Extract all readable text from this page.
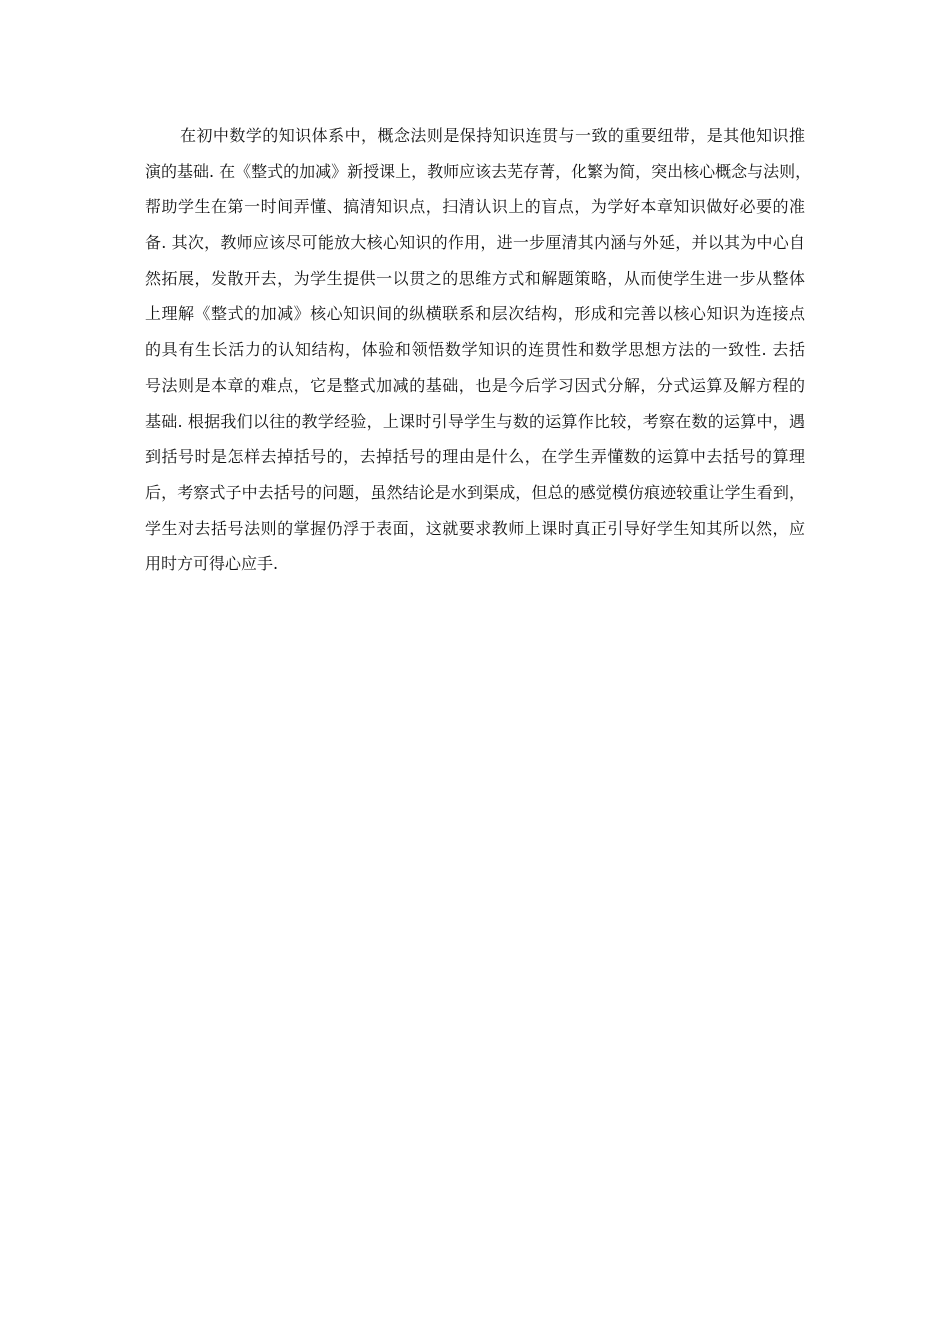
在初中数学的知识体系中，概念法则是保持知识连贯与一致的重要纽带，是其他知识推
演的基础. 在《整式的加减》新授课上，教师应该去芜存菁，化繁为简，突出核心概念与法则，
帮助学生在第一时间弄懂、搞清知识点，扫清认识上的盲点，为学好本章知识做好必要的准
备. 其次，教师应该尽可能放大核心知识的作用，进一步厘清其内涵与外延，并以其为中心自
然拓展，发散开去，为学生提供一以贯之的思维方式和解题策略，从而使学生进一步从整体
上理解《整式的加减》核心知识间的纵横联系和层次结构，形成和完善以核心知识为连接点
的具有生长活力的认知结构，体验和领悟数学知识的连贯性和数学思想方法的一致性. 去括
号法则是本章的难点，它是整式加减的基础，也是今后学习因式分解，分式运算及解方程的
基础. 根据我们以往的教学经验，上课时引导学生与数的运算作比较，考察在数的运算中，遇
到括号时是怎样去掉括号的，去掉括号的理由是什么，在学生弄懂数的运算中去括号的算理
后，考察式子中去括号的问题，虽然结论是水到渠成，但总的感觉模仿痕迹较重让学生看到，
学生对去括号法则的掌握仍浮于表面，这就要求教师上课时真正引导好学生知其所以然，应
用时方可得心应手.
